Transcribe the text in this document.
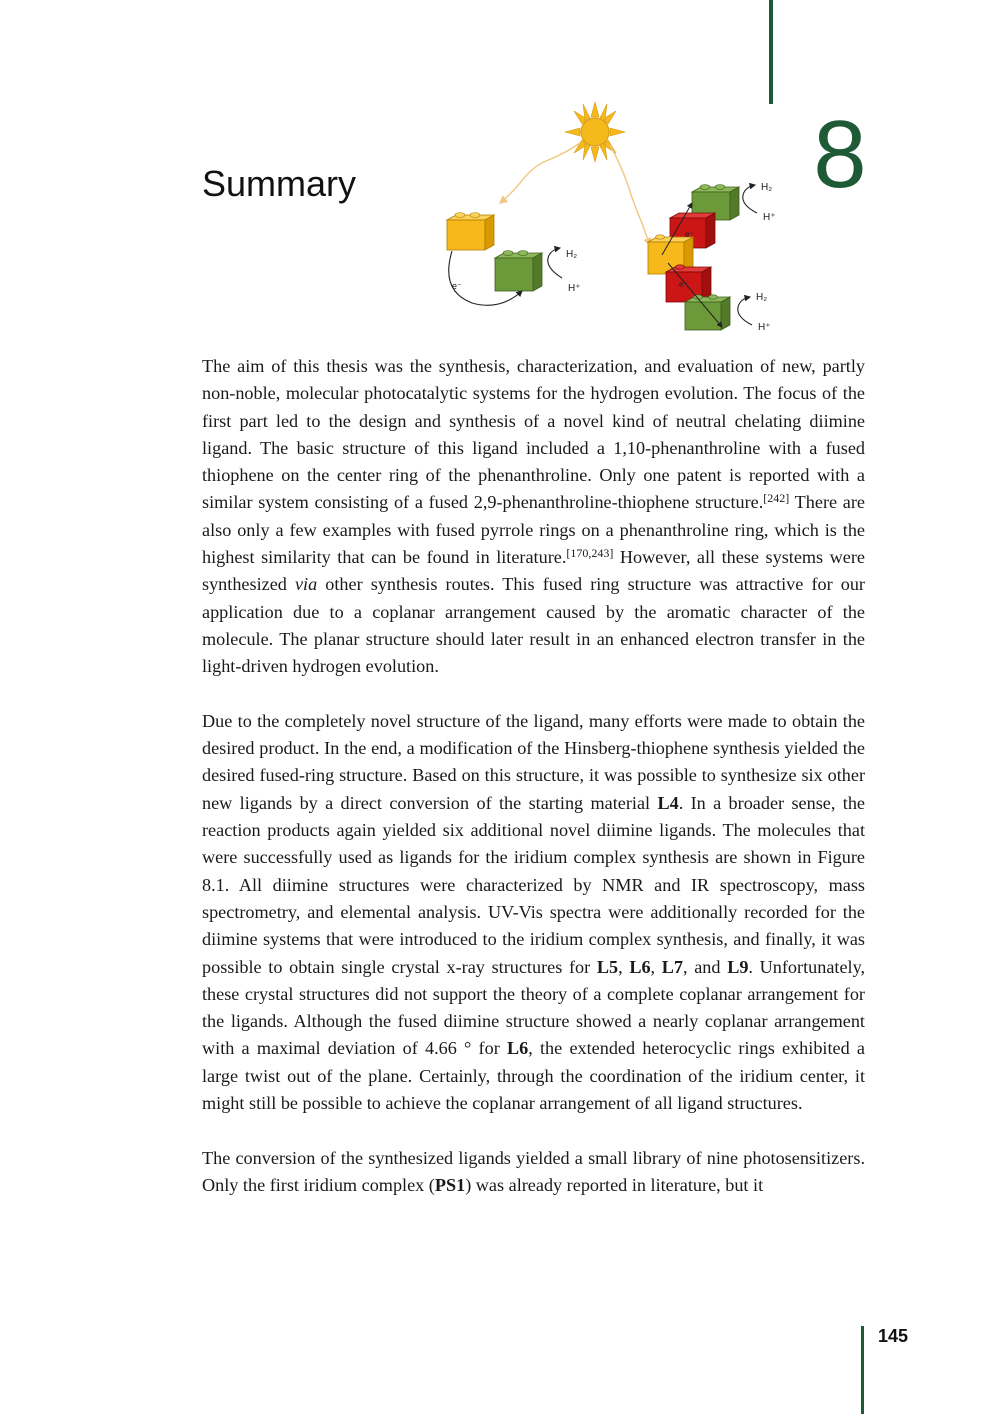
8
Summary
e⁻
H₂
H⁺
e⁻
e⁻
H₂
H⁺
H₂
H⁺

The aim of this thesis was the synthesis, characterization, and evaluation of new, partly non-noble, molecular photocatalytic systems for the hydrogen evolution. The focus of the first part led to the design and synthesis of a novel kind of neutral chelating diimine ligand. The basic structure of this ligand included a 1,10-phenanthroline with a fused thiophene on the center ring of the phenanthroline. Only one patent is reported with a similar system consisting of a fused 2,9-phenanthroline-thiophene structure.[242] There are also only a few examples with fused pyrrole rings on a phenanthroline ring, which is the highest similarity that can be found in literature.[170,243] However, all these systems were synthesized via other synthesis routes. This fused ring structure was attractive for our application due to a coplanar arrangement caused by the aromatic character of the molecule. The planar structure should later result in an enhanced electron transfer in the light-driven hydrogen evolution.

Due to the completely novel structure of the ligand, many efforts were made to obtain the desired product. In the end, a modification of the Hinsberg-thiophene synthesis yielded the desired fused-ring structure. Based on this structure, it was possible to synthesize six other new ligands by a direct conversion of the starting material L4. In a broader sense, the reaction products again yielded six additional novel diimine ligands. The molecules that were successfully used as ligands for the iridium complex synthesis are shown in Figure 8.1. All diimine structures were characterized by NMR and IR spectroscopy, mass spectrometry, and elemental analysis. UV-Vis spectra were additionally recorded for the diimine systems that were introduced to the iridium complex synthesis, and finally, it was possible to obtain single crystal x-ray structures for L5, L6, L7, and L9. Unfortunately, these crystal structures did not support the theory of a complete coplanar arrangement for the ligands. Although the fused diimine structure showed a nearly coplanar arrangement with a maximal deviation of 4.66 ° for L6, the extended heterocyclic rings exhibited a large twist out of the plane. Certainly, through the coordination of the iridium center, it might still be possible to achieve the coplanar arrangement of all ligand structures.

The conversion of the synthesized ligands yielded a small library of nine photosensitizers. Only the first iridium complex (PS1) was already reported in literature, but it

145
